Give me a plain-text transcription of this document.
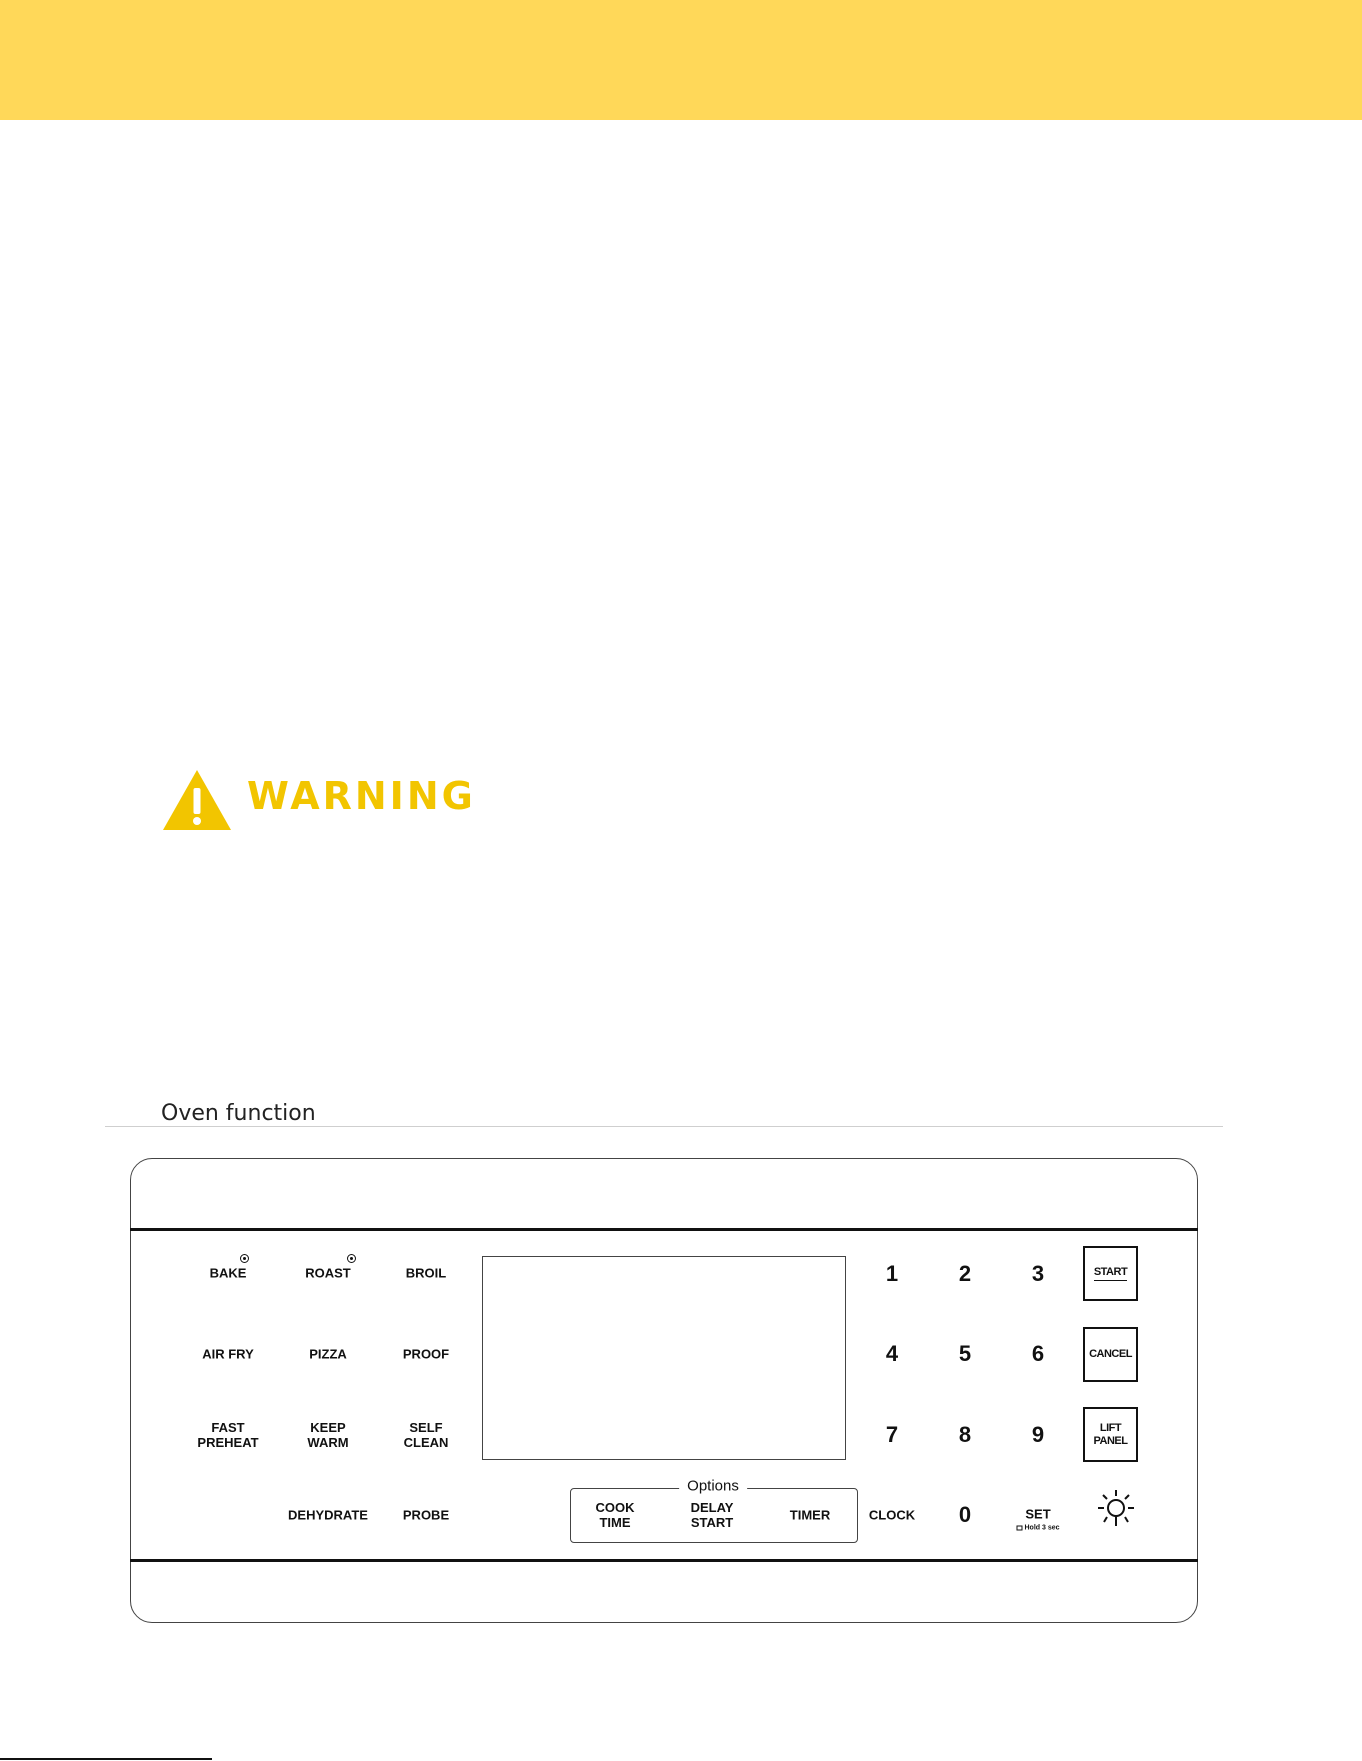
WARNING
Oven function
BAKE	ROAST	BROIL
AIR FRY	PIZZA	PROOF
FAST
PREHEAT
KEEP
WARM
SELF
CLEAN
DEHYDRATE	PROBE
Options
COOK
TIME
DELAY
START	TIMER	CLOCK
1	2	3
4	5	6
7	8	9
0	SET
Hold 3 sec
START
CANCEL
LIFT
PANEL
